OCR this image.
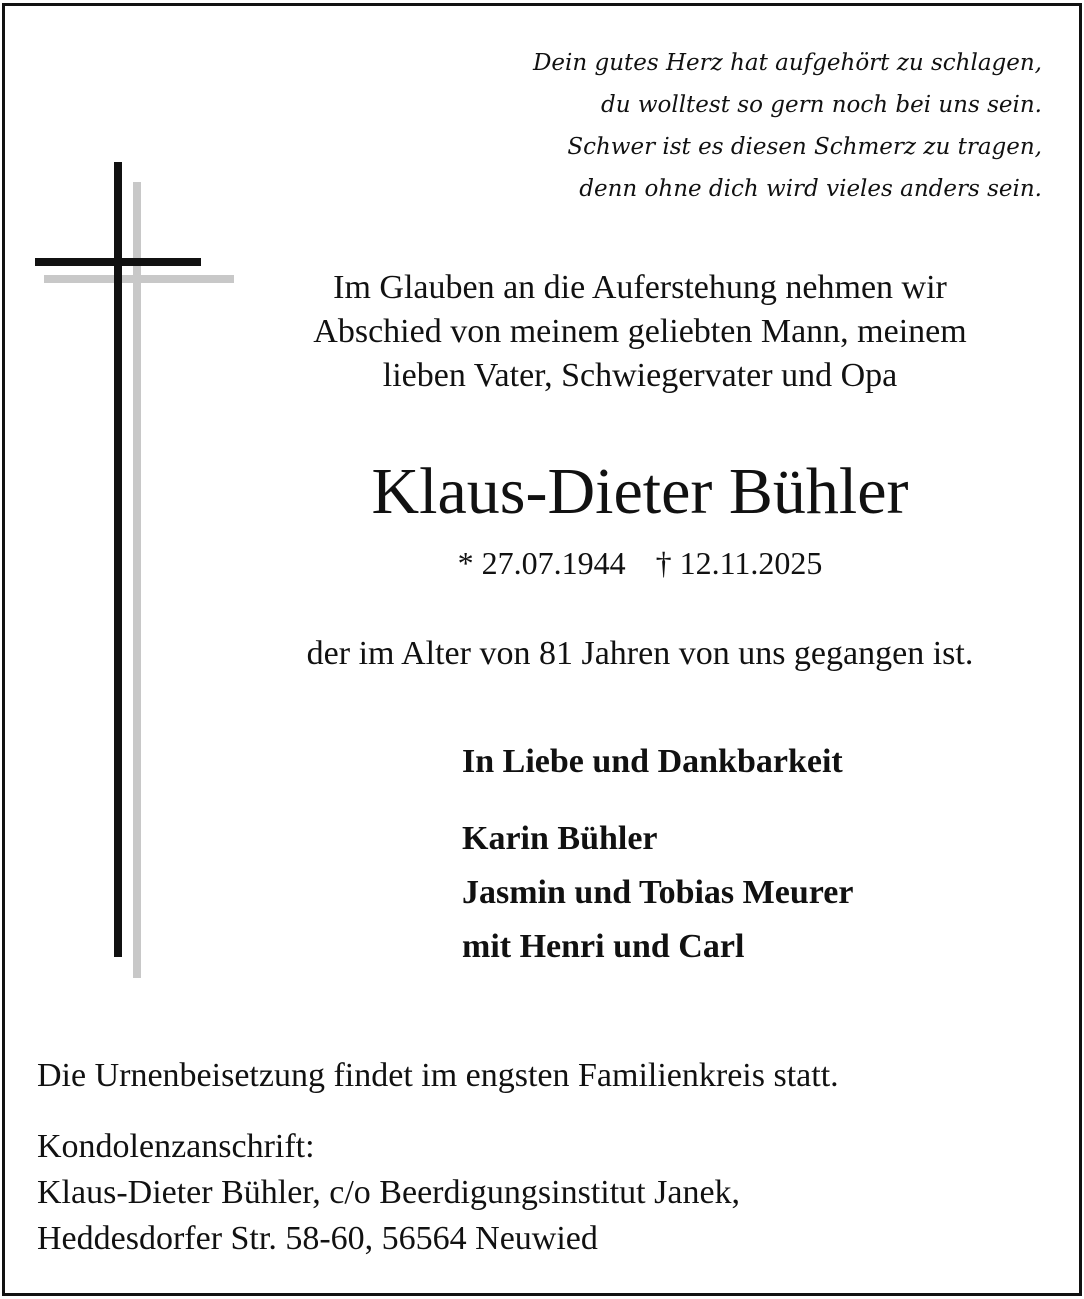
Dein gutes Herz hat aufgehört zu schlagen,
du wolltest so gern noch bei uns sein.
Schwer ist es diesen Schmerz zu tragen,
denn ohne dich wird vieles anders sein.
Im Glauben an die Auferstehung nehmen wir
Abschied von meinem geliebten Mann, meinem
lieben Vater, Schwiegervater und Opa
Klaus-Dieter Bühler
* 27.07.1944 † 12.11.2025
der im Alter von 81 Jahren von uns gegangen ist.
In Liebe und Dankbarkeit
Karin Bühler
Jasmin und Tobias Meurer
mit Henri und Carl
Die Urnenbeisetzung findet im engsten Familienkreis statt.
Kondolenzanschrift:
Klaus-Dieter Bühler, c/o Beerdigungsinstitut Janek,
Heddesdorfer Str. 58-60, 56564 Neuwied
